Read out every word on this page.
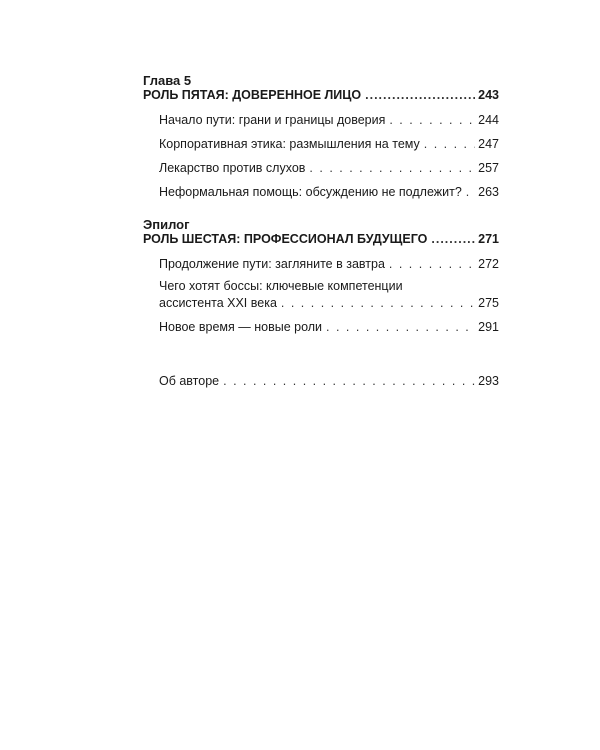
Глава 5
РОЛЬ ПЯТАЯ: ДОВЕРЕННОЕ ЛИЦО .....	243
Начало пути: грани и границы доверия . . .	244
Корпоративная этика: размышления на тему . . .	247
Лекарство против слухов . . .	257
Неформальная помощь: обсуждению не подлежит? . . . 263
Эпилог
РОЛЬ ШЕСТАЯ: ПРОФЕССИОНАЛ БУДУЩЕГО .....	271
Продолжение пути: загляните в завтра . . .	272
Чего хотят боссы: ключевые компетенции
ассистента XXI века . . .	275
Новое время — новые роли . . .	291
Об авторе . . .	293
